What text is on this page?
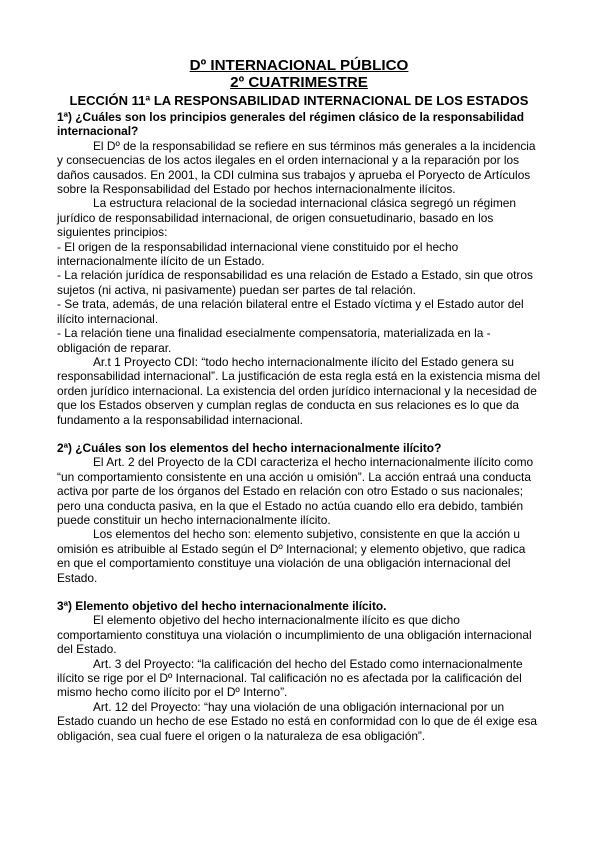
Dº INTERNACIONAL PÚBLICO
2º CUATRIMESTRE
LECCIÓN 11ª LA RESPONSABILIDAD INTERNACIONAL DE LOS ESTADOS
1ª) ¿Cuáles son los principios generales del régimen clásico de la responsabilidad internacional?

El Dº de la responsabilidad se refiere en sus términos más generales a la incidencia y consecuencias de los actos ilegales en el orden internacional y a la reparación por los daños causados. En 2001, la CDI culmina sus trabajos y aprueba el Poryecto de Artículos sobre la Responsabilidad del Estado por hechos internacionalmente ilícitos.

La estructura relacional de la sociedad internacional clásica segregó un régimen jurídico de responsabilidad internacional, de origen consuetudinario, basado en los siguientes principios:

- El origen de la responsabilidad internacional viene constituido por el hecho internacionalmente ilícito de un Estado.

- La relación jurídica de responsabilidad es una relación de Estado a Estado, sin que otros sujetos (ni activa, ni pasivamente) puedan ser partes de tal relación.

- Se trata, además, de una relación bilateral entre el Estado víctima y el Estado autor del ilícito internacional.

- La relación tiene una finalidad esecialmente compensatoria, materializada en la -obligación de reparar.

Ar.t 1 Proyecto CDI: “todo hecho internacionalmente ilícito del Estado genera su responsabilidad internacional”. La justificación de esta regla está en la existencia misma del orden jurídico internacional. La existencia del orden jurídico internacional y la necesidad de que los Estados observen y cumplan reglas de conducta en sus relaciones es lo que da fundamento a la responsabilidad internacional.

2ª) ¿Cuáles son los elementos del hecho internacionalmente ilícito?

El Art. 2 del Proyecto de la CDI caracteriza el hecho internacionalmente ilícito como “un comportamiento consistente en una acción u omisión”. La acción entraá una conducta activa por parte de los órganos del Estado en relación con otro Estado o sus nacionales; pero una conducta pasiva, en la que el Estado no actúa cuando ello era debido, también puede constituir un hecho internacionalmente ilícito.

Los elementos del hecho son: elemento subjetivo, consistente en que la acción u omisión es atribuible al Estado según el Dº Internacional; y elemento objetivo, que radica en que el comportamiento constituye una violación de una obligación internacional del Estado.

3ª) Elemento objetivo del hecho internacionalmente ilícito.

El elemento objetivo del hecho internacionalmente ilícito es que dicho comportamiento constituya una violación o incumplimiento de una obligación internacional del Estado.

Art. 3 del Proyecto: “la calificación del hecho del Estado como internacionalmente ilícito se rige por el Dº Internacional. Tal calificación no es afectada por la calificación del mismo hecho como ilícito por el Dº Interno”.

Art. 12 del Proyecto: “hay una violación de una obligación internacional por un Estado cuando un hecho de ese Estado no está en conformidad con lo que de él exige esa obligación, sea cual fuere el origen o la naturaleza de esa obligación”.
